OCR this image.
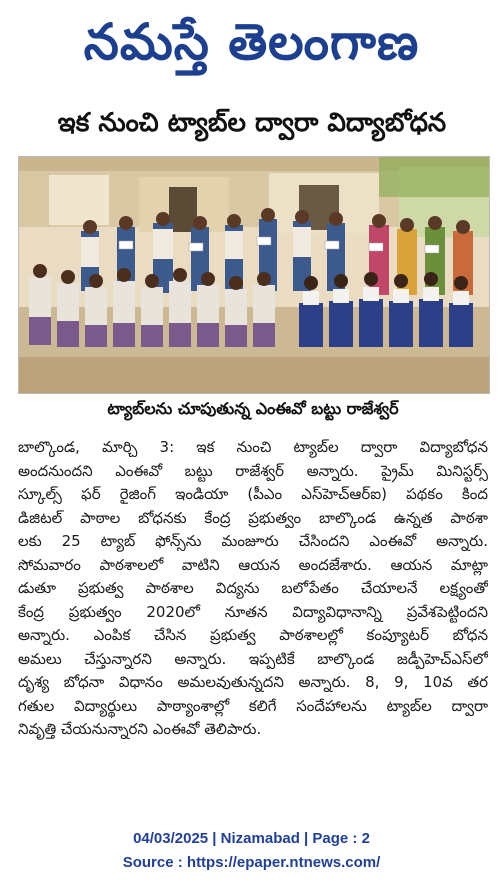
నమస్తే తెలంగాణ
ఇక నుంచి ట్యాబ్‌ల ద్వారా విద్యాబోధన
ట్యాబ్‌లను చూపుతున్న ఎంఈవో బట్టు రాజేశ్వర్
బాల్కొండ, మార్చి 3: ఇక నుంచి ట్యాబ్‌ల ద్వారా విద్యాబోధన
అందనుందని ఎంఈవో బట్టు రాజేశ్వర్ అన్నారు. ప్రైమ్ మినిస్టర్స్
స్కూల్స్ ఫర్ రైజింగ్ ఇండియా (పీఎం ఎస్‌హెచ్ఆర్ఐ) పథకం కింద
డిజిటల్ పాఠాల బోధనకు కేంద్ర ప్రభుత్వం బాల్కొండ ఉన్నత పాఠశా
లకు 25 ట్యాబ్ ఫోన్స్‌ను మంజూరు చేసిందని ఎంఈవో అన్నారు.
సోమవారం పాఠశాలలో వాటిని ఆయన అందజేశారు. ఆయన మాట్లా
డుతూ ప్రభుత్వ పాఠశాల విద్యను బలోపేతం చేయాలనే లక్ష్యంతో
కేంద్ర ప్రభుత్వం 2020లో నూతన విద్యావిధానాన్ని ప్రవేశపెట్టిందని
అన్నారు. ఎంపిక చేసిన ప్రభుత్వ పాఠశాలల్లో కంప్యూటర్ బోధన
అమలు చేస్తున్నారని అన్నారు. ఇప్పటికే బాల్కొండ జడ్పీహెచ్ఎస్‌లో
దృశ్య బోధనా విధానం అమలవుతున్నదని అన్నారు. 8, 9, 10వ తర
గతుల విద్యార్థులు పాఠ్యాంశాల్లో కలిగే సందేహాలను ట్యాబ్‌ల ద్వారా
నివృత్తి చేయనున్నారని ఎంఈవో తెలిపారు.
04/03/2025 | Nizamabad | Page : 2
Source : https://epaper.ntnews.com/
